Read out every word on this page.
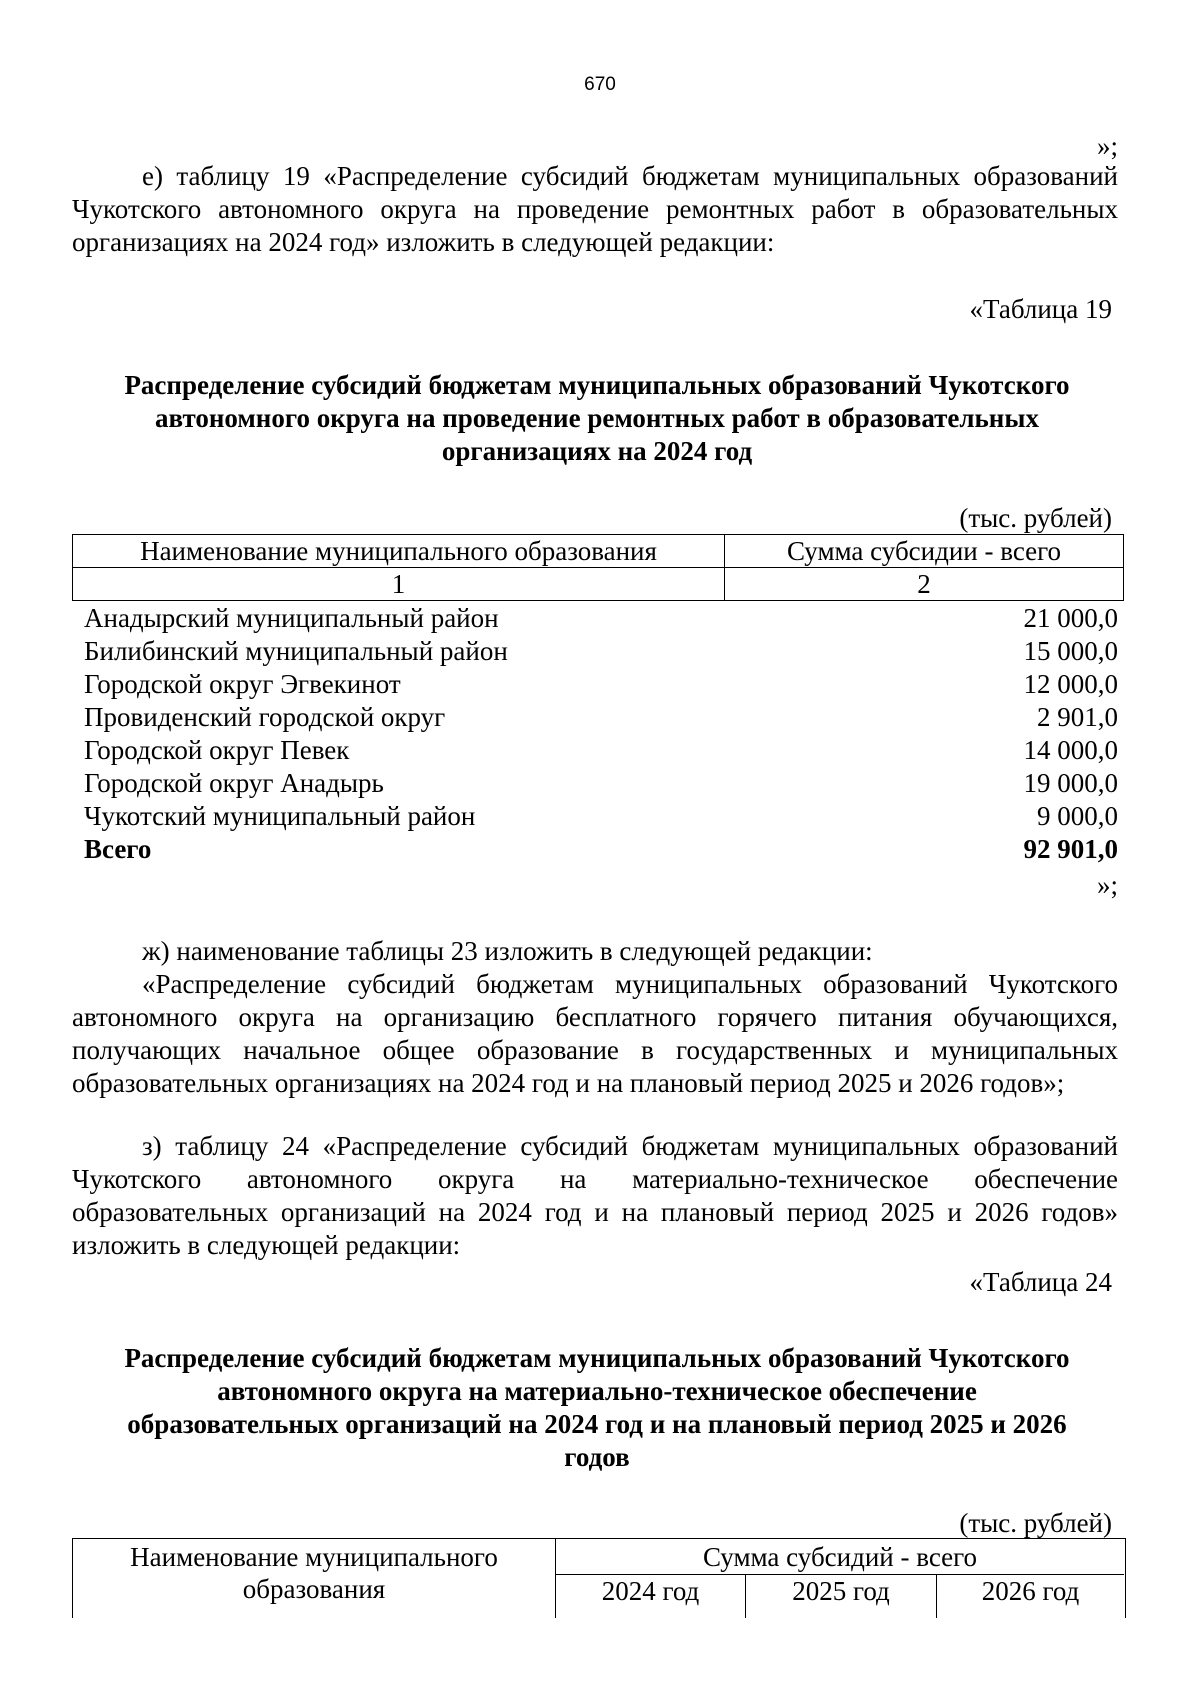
670
»;
е) таблицу 19 «Распределение субсидий бюджетам муниципальных образований
Чукотского автономного округа на проведение ремонтных работ в образовательных
организациях на 2024 год» изложить в следующей редакции:
«Таблица 19
Распределение субсидий бюджетам муниципальных образований Чукотского
автономного округа на проведение ремонтных работ в образовательных
организациях на 2024 год
(тыс. рублей)
Наименование муниципального образования	Сумма субсидии - всего
1	2
Анадырский муниципальный район	21 000,0
Билибинский муниципальный район	15 000,0
Городской округ Эгвекинот	12 000,0
Провиденский городской округ	2 901,0
Городской округ Певек	14 000,0
Городской округ Анадырь	19 000,0
Чукотский муниципальный район	9 000,0
Всего	92 901,0
»;
ж) наименование таблицы 23 изложить в следующей редакции:
«Распределение субсидий бюджетам муниципальных образований Чукотского
автономного округа на организацию бесплатного горячего питания обучающихся,
получающих начальное общее образование в государственных и муниципальных
образовательных организациях на 2024 год и на плановый период 2025 и 2026 годов»;
з) таблицу 24 «Распределение субсидий бюджетам муниципальных образований
Чукотского автономного округа на материально-техническое обеспечение
образовательных организаций на 2024 год и на плановый период 2025 и 2026 годов»
изложить в следующей редакции:
«Таблица 24
Распределение субсидий бюджетам муниципальных образований Чукотского
автономного округа на материально-техническое обеспечение
образовательных организаций на 2024 год и на плановый период 2025 и 2026
годов
(тыс. рублей)
Наименование муниципального
образования
Сумма субсидий - всего
2024 год	2025 год	2026 год
